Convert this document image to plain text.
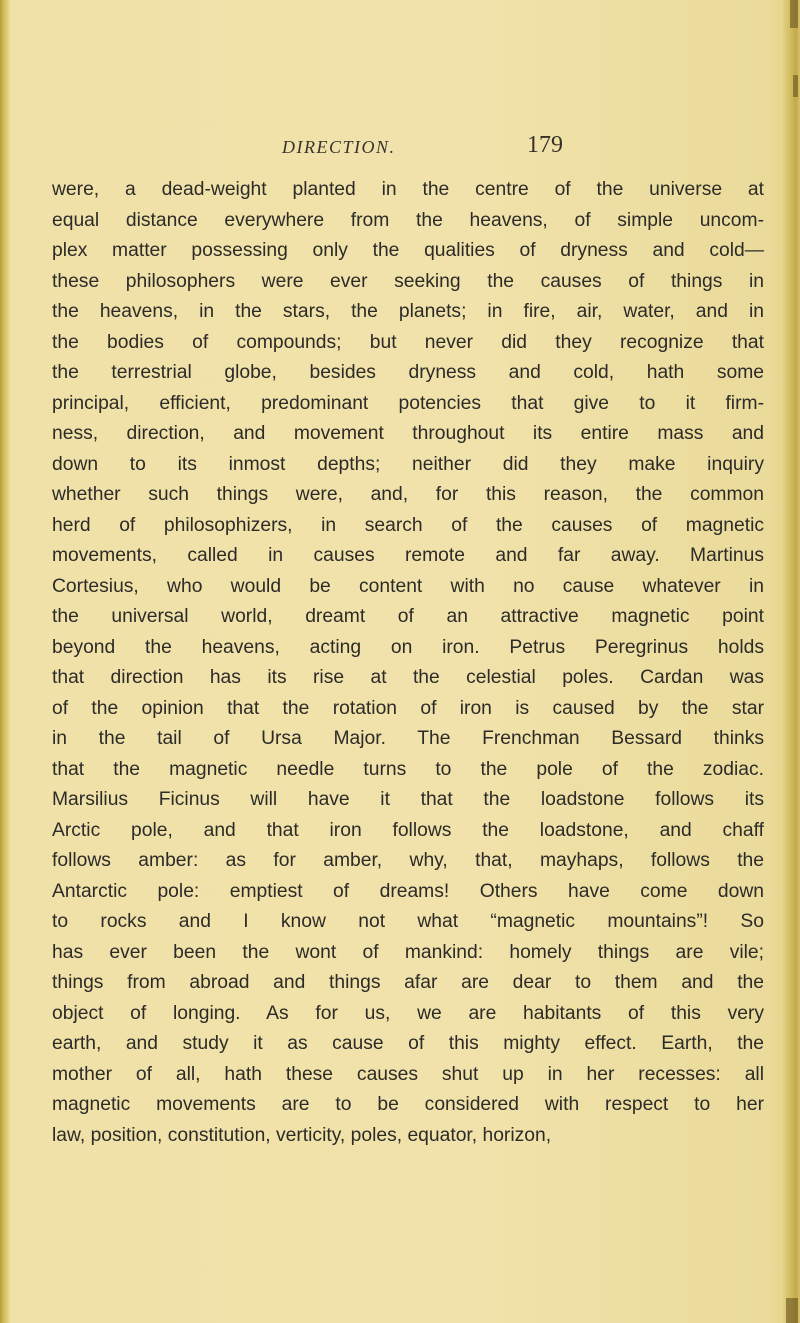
DIRECTION.	179

were, a dead-weight planted in the centre of the universe at
equal distance everywhere from the heavens, of simple uncom-
plex matter possessing only the qualities of dryness and cold—
these philosophers were ever seeking the causes of things in
the heavens, in the stars, the planets; in fire, air, water, and in
the bodies of compounds; but never did they recognize that
the terrestrial globe, besides dryness and cold, hath some
principal, efficient, predominant potencies that give to it firm-
ness, direction, and movement throughout its entire mass and
down to its inmost depths; neither did they make inquiry
whether such things were, and, for this reason, the common
herd of philosophizers, in search of the causes of magnetic
movements, called in causes remote and far away. Martinus
Cortesius, who would be content with no cause whatever in
the universal world, dreamt of an attractive magnetic point
beyond the heavens, acting on iron. Petrus Peregrinus holds
that direction has its rise at the celestial poles. Cardan was
of the opinion that the rotation of iron is caused by the star
in the tail of Ursa Major. The Frenchman Bessard thinks
that the magnetic needle turns to the pole of the zodiac.
Marsilius Ficinus will have it that the loadstone follows its
Arctic pole, and that iron follows the loadstone, and chaff
follows amber: as for amber, why, that, mayhaps, follows the
Antarctic pole: emptiest of dreams! Others have come down
to rocks and I know not what “magnetic mountains”! So
has ever been the wont of mankind: homely things are vile;
things from abroad and things afar are dear to them and the
object of longing. As for us, we are habitants of this very
earth, and study it as cause of this mighty effect. Earth, the
mother of all, hath these causes shut up in her recesses: all
magnetic movements are to be considered with respect to her
law, position, constitution, verticity, poles, equator, horizon,
